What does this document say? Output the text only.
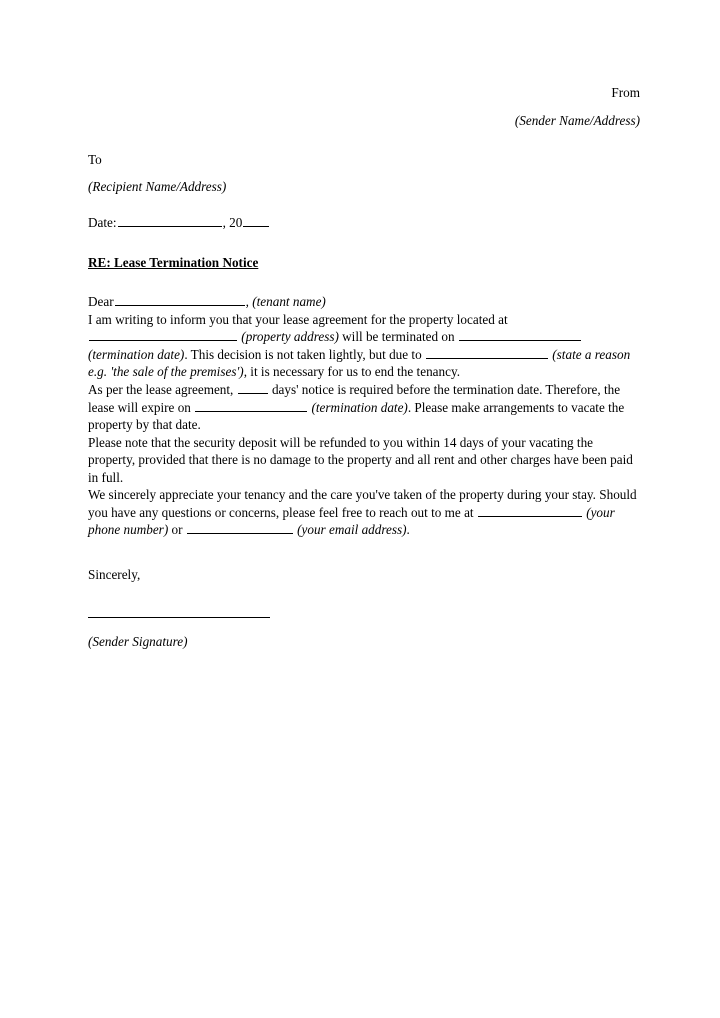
From
(Sender Name/Address)
To
(Recipient Name/Address)
Date:	, 20
RE: Lease Termination Notice
Dear	, (tenant name)

I am writing to inform you that your lease agreement for the property located at  (property address) will be terminated on  (termination date). This decision is not taken lightly, but due to	(state a reason e.g. 'the sale of the premises'), it is necessary for us to end the tenancy.

As per the lease agreement,	days' notice is required before the termination date. Therefore, the lease will expire on	(termination date). Please make arrangements to vacate the property by that date.

Please note that the security deposit will be refunded to you within 14 days of your vacating the property, provided that there is no damage to the property and all rent and other charges have been paid in full.

We sincerely appreciate your tenancy and the care you've taken of the property during your stay. Should you have any questions or concerns, please feel free to reach out to me at	(your phone number) or	(your email address).

Sincerely,
(Sender Signature)
